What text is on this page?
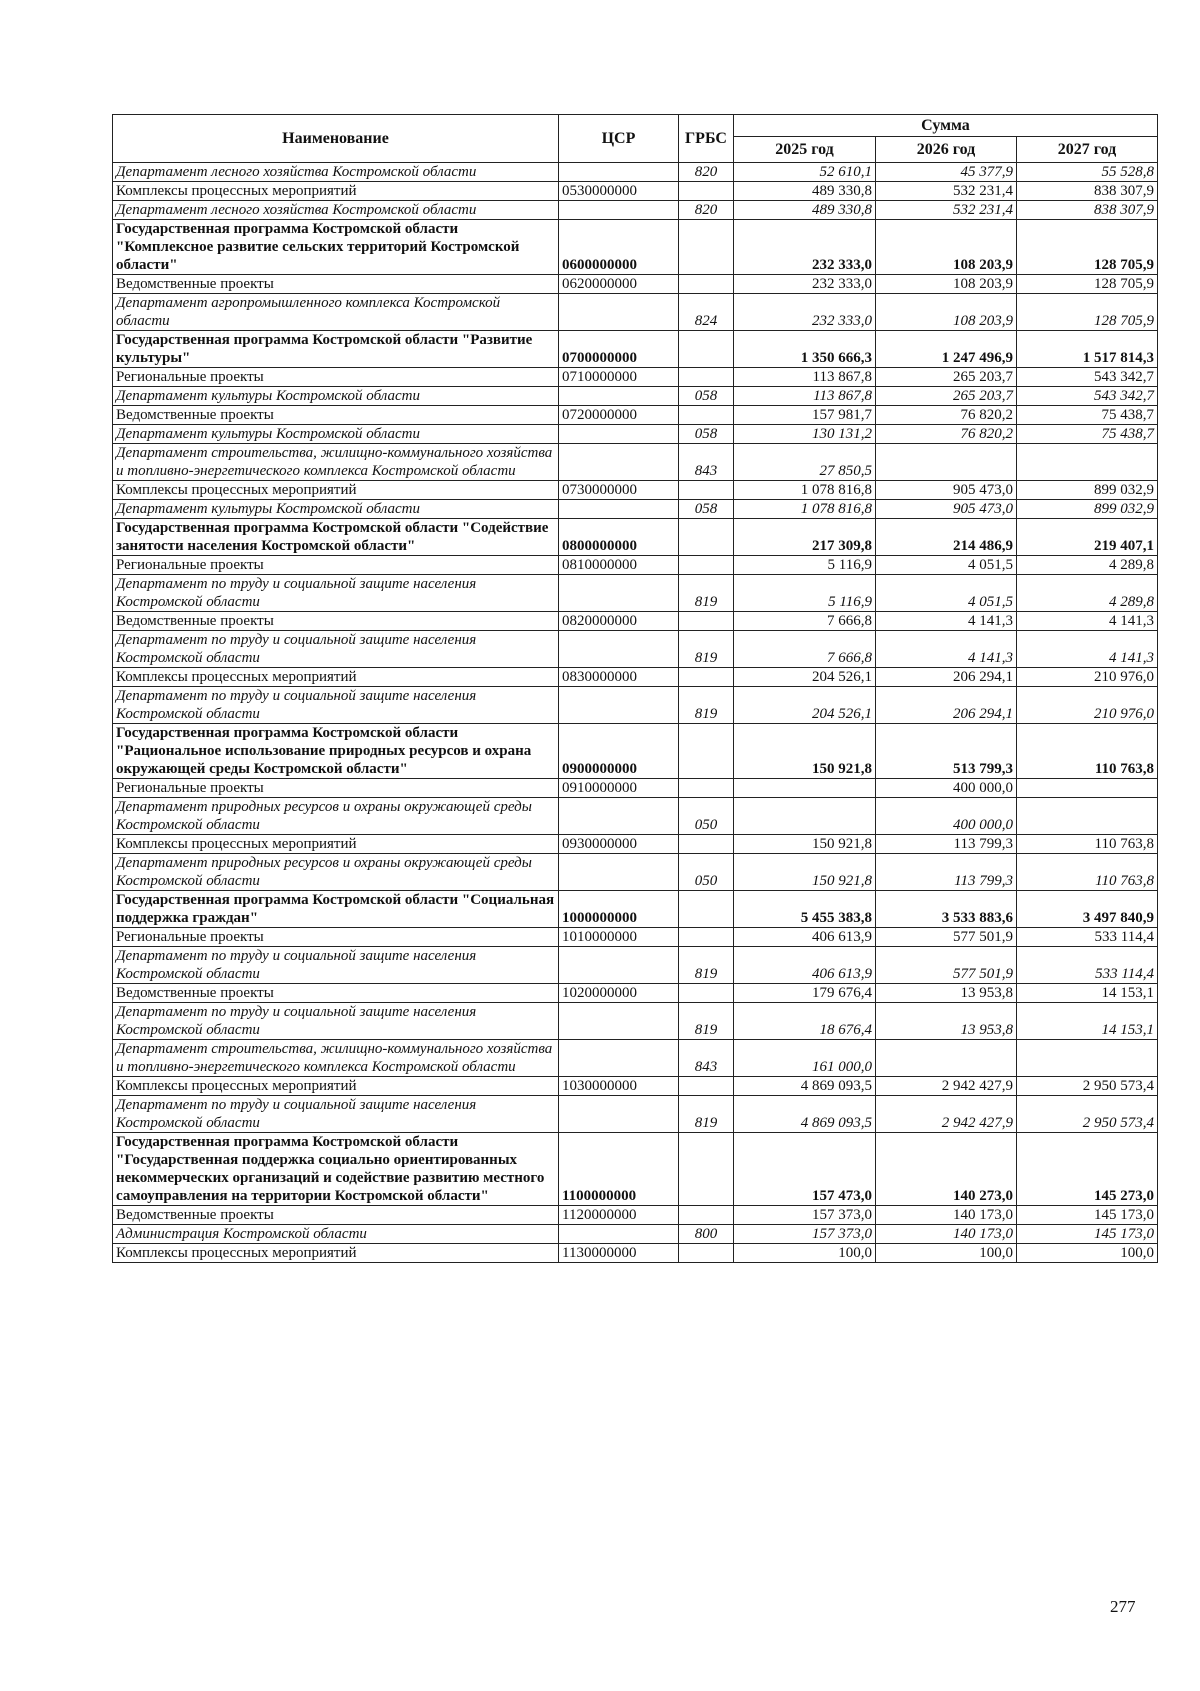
Наименование	ЦСР	ГРБС	Сумма		
			2025 год	2026 год	2027 год
Департамент лесного хозяйства Костромской области		820	52 610,1	45 377,9	55 528,8
Комплексы процессных мероприятий	0530000000		489 330,8	532 231,4	838 307,9
Департамент лесного хозяйства Костромской области		820	489 330,8	532 231,4	838 307,9
Государственная программа Костромской области "Комплексное развитие сельских территорий Костромской области"	0600000000		232 333,0	108 203,9	128 705,9
Ведомственные проекты	0620000000		232 333,0	108 203,9	128 705,9
Департамент агропромышленного комплекса Костромской области		824	232 333,0	108 203,9	128 705,9
Государственная программа Костромской области "Развитие культуры"	0700000000		1 350 666,3	1 247 496,9	1 517 814,3
Региональные проекты	0710000000		113 867,8	265 203,7	543 342,7
Департамент культуры Костромской области		058	113 867,8	265 203,7	543 342,7
Ведомственные проекты	0720000000		157 981,7	76 820,2	75 438,7
Департамент культуры Костромской области		058	130 131,2	76 820,2	75 438,7
Департамент строительства, жилищно-коммунального хозяйства и топливно-энергетического комплекса Костромской области		843	27 850,5		
Комплексы процессных мероприятий	0730000000		1 078 816,8	905 473,0	899 032,9
Департамент культуры Костромской области		058	1 078 816,8	905 473,0	899 032,9
Государственная программа Костромской области "Содействие занятости населения Костромской области"	0800000000		217 309,8	214 486,9	219 407,1
Региональные проекты	0810000000		5 116,9	4 051,5	4 289,8
Департамент по труду и социальной защите населения Костромской области		819	5 116,9	4 051,5	4 289,8
Ведомственные проекты	0820000000		7 666,8	4 141,3	4 141,3
Департамент по труду и социальной защите населения Костромской области		819	7 666,8	4 141,3	4 141,3
Комплексы процессных мероприятий	0830000000		204 526,1	206 294,1	210 976,0
Департамент по труду и социальной защите населения Костромской области		819	204 526,1	206 294,1	210 976,0
Государственная программа Костромской области "Рациональное использование природных ресурсов и охрана окружающей среды Костромской области"	0900000000		150 921,8	513 799,3	110 763,8
Региональные проекты	0910000000			400 000,0	
Департамент природных ресурсов и охраны окружающей среды Костромской области		050		400 000,0	
Комплексы процессных мероприятий	0930000000		150 921,8	113 799,3	110 763,8
Департамент природных ресурсов и охраны окружающей среды Костромской области		050	150 921,8	113 799,3	110 763,8
Государственная программа Костромской области "Социальная поддержка граждан"	1000000000		5 455 383,8	3 533 883,6	3 497 840,9
Региональные проекты	1010000000		406 613,9	577 501,9	533 114,4
Департамент по труду и социальной защите населения Костромской области		819	406 613,9	577 501,9	533 114,4
Ведомственные проекты	1020000000		179 676,4	13 953,8	14 153,1
Департамент по труду и социальной защите населения Костромской области		819	18 676,4	13 953,8	14 153,1
Департамент строительства, жилищно-коммунального хозяйства и топливно-энергетического комплекса Костромской области		843	161 000,0		
Комплексы процессных мероприятий	1030000000		4 869 093,5	2 942 427,9	2 950 573,4
Департамент по труду и социальной защите населения Костромской области		819	4 869 093,5	2 942 427,9	2 950 573,4
Государственная программа Костромской области "Государственная поддержка социально ориентированных некоммерческих организаций и содействие развитию местного самоуправления на территории Костромской области"	1100000000		157 473,0	140 273,0	145 273,0
Ведомственные проекты	1120000000		157 373,0	140 173,0	145 173,0
Администрация Костромской области		800	157 373,0	140 173,0	145 173,0
Комплексы процессных мероприятий	1130000000		100,0	100,0	100,0
277
